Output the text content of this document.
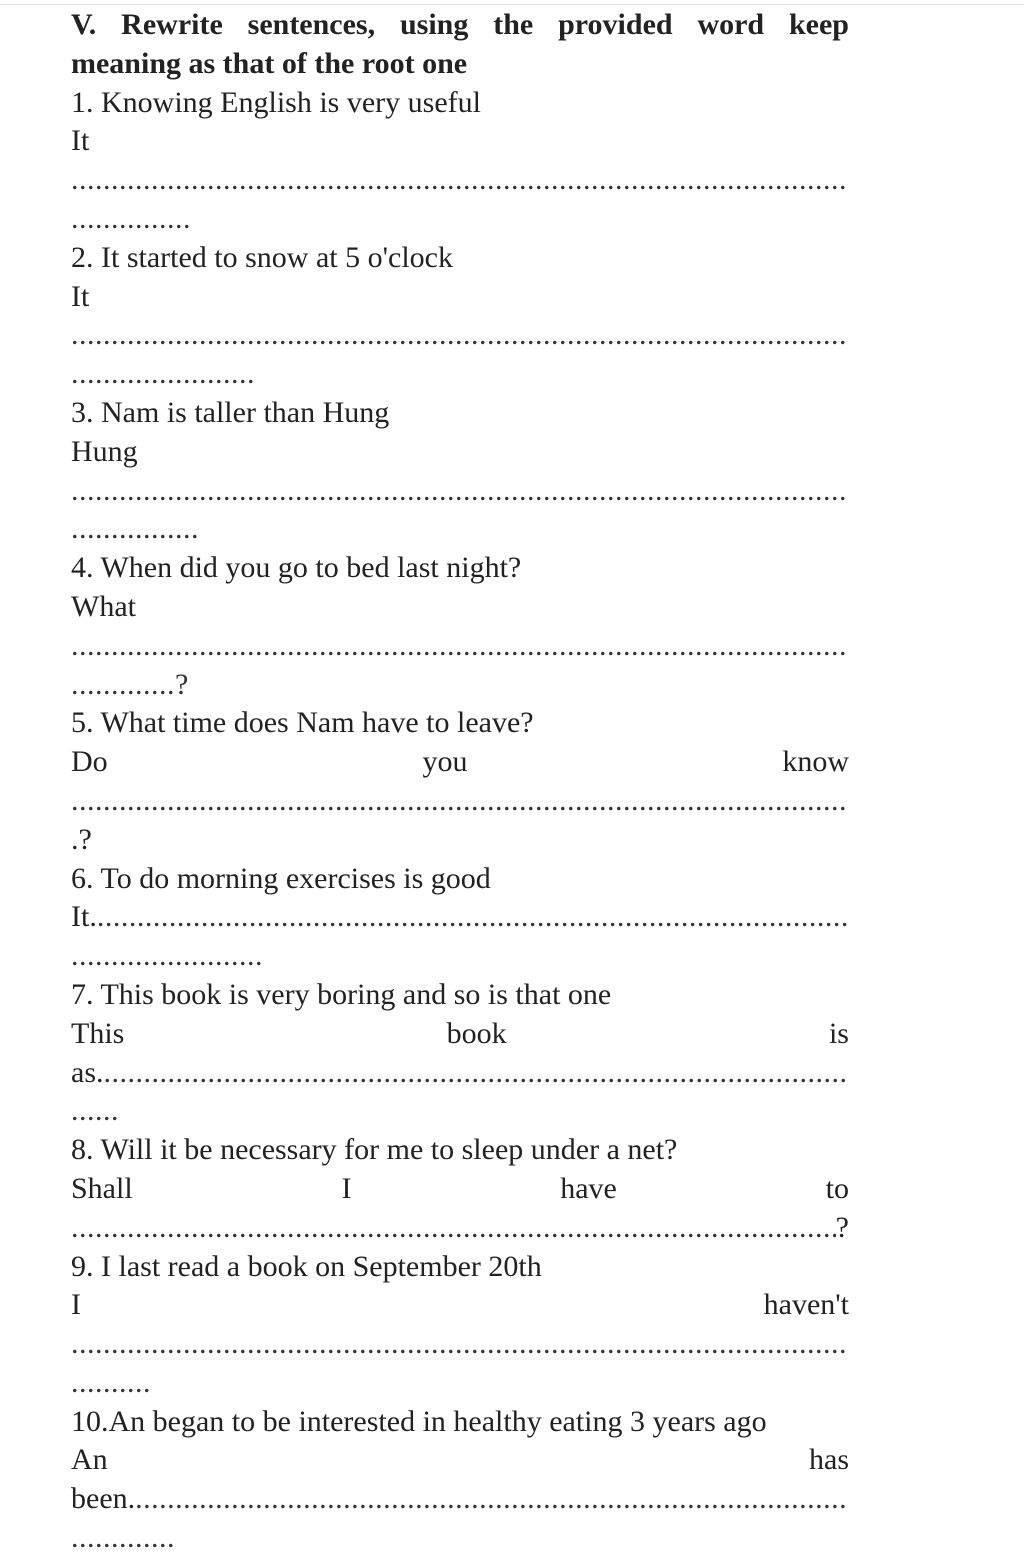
V. Rewrite sentences, using the provided word keep
meaning as that of the root one
1. Knowing English is very useful
It
.....
...............
2. It started to snow at 5 o'clock
It
.....
.......................
3. Nam is taller than Hung
Hung
.....
................
4. When did you go to bed last night?
What
.....
.............?
5. What time does Nam have to leave?
Do	you	know
.....
.?
6. To do morning exercises is good
It.
.....
........................
7. This book is very boring and so is that one
This	book	is
as.
.....
......
8. Will it be necessary for me to sleep under a net?
Shall	I	have	to
.....
?
9. I last read a book on September 20th
I	haven't
.....
..........
10.An began to be interested in healthy eating 3 years ago
An	has
been.
.....
.............
